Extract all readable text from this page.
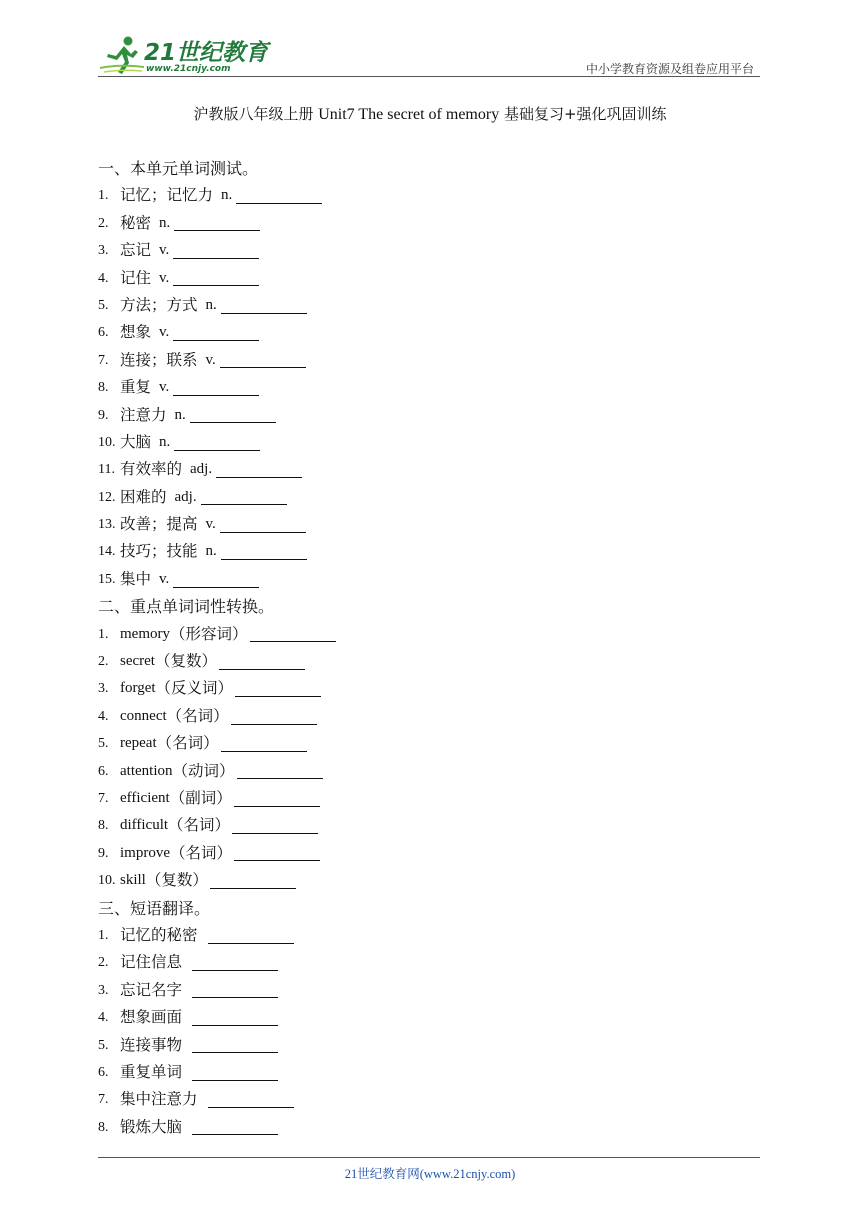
21世纪教育
www.21cnjy.com	中小学教育资源及组卷应用平台
沪教版八年级上册 Unit7 The secret of memory 基础复习+强化巩固训练
一、本单元单词测试。
1. 记忆；记忆力 n.
2. 秘密 n.
3. 忘记 v.
4. 记住 v.
5. 方法；方式 n.
6. 想象 v.
7. 连接；联系 v.
8. 重复 v.
9. 注意力 n.
10. 大脑 n.
11. 有效率的 adj.
12. 困难的 adj.
13. 改善；提高 v.
14. 技巧；技能 n.
15. 集中 v.
二、重点单词词性转换。
1. memory （形容词）
2. secret （复数）
3. forget （反义词）
4. connect （名词）
5. repeat （名词）
6. attention （动词）
7. efficient （副词）
8. difficult （名词）
9. improve （名词）
10. skill （复数）
三、短语翻译。
1. 记忆的秘密
2. 记住信息
3. 忘记名字
4. 想象画面
5. 连接事物
6. 重复单词
7. 集中注意力
8. 锻炼大脑
21世纪教育网(www.21cnjy.com)
